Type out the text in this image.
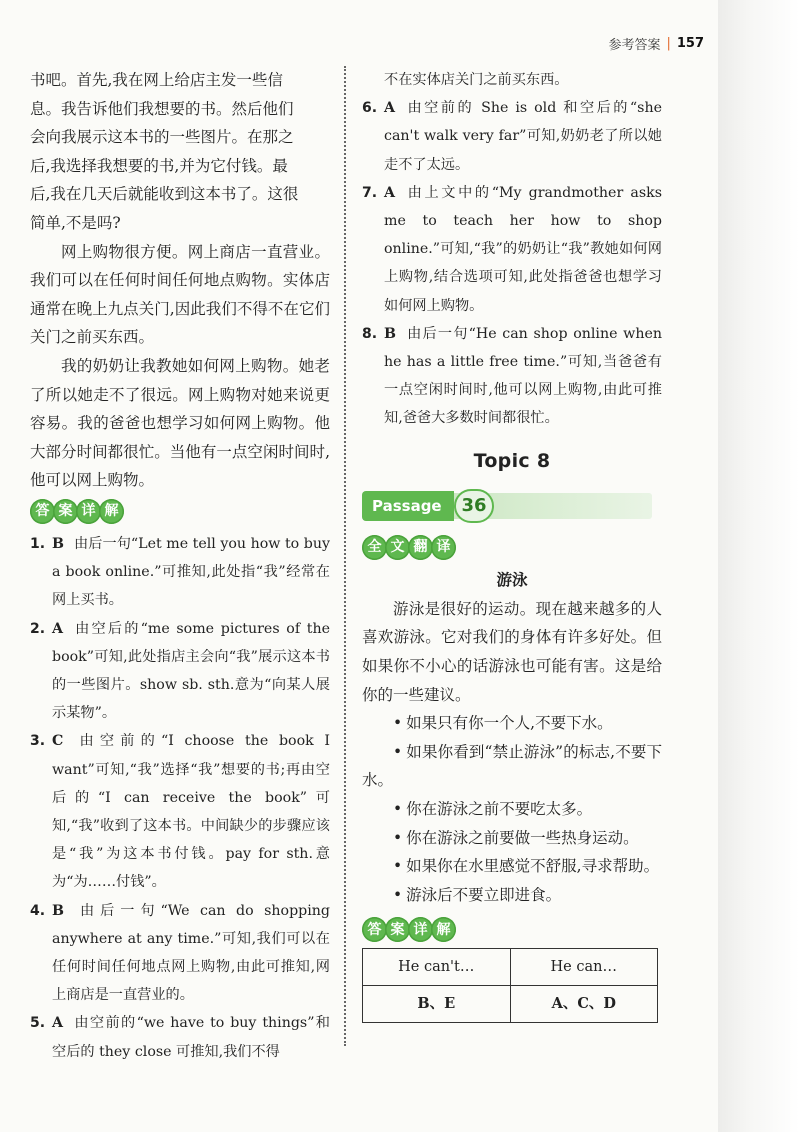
参考答案 | 157
书吧。首先,我在网上给店主发一些信
息。我告诉他们我想要的书。然后他们
会向我展示这本书的一些图片。在那之
后,我选择我想要的书,并为它付钱。最
后,我在几天后就能收到这本书了。这很
简单,不是吗?

网上购物很方便。网上商店一直营业。我们可以在任何时间任何地点购物。实体店通常在晚上九点关门,因此我们不得不在它们关门之前买东西。

我的奶奶让我教她如何网上购物。她老了所以她走不了很远。网上购物对她来说更容易。我的爸爸也想学习如何网上购物。他大部分时间都很忙。当他有一点空闲时间时,他可以网上购物。

答 案 详 解
1. B 由后一句“Let me tell you how to buy a book online.”可推知,此处指“我”经常在网上买书。
2. A 由空后的“me some pictures of the book”可知,此处指店主会向“我”展示这本书的一些图片。show sb. sth.意为“向某人展示某物”。
3. C 由空前的“I choose the book I want”可知,“我”选择“我”想要的书;再由空后的“I can receive the book”可知,“我”收到了这本书。中间缺少的步骤应该是“我”为这本书付钱。pay for sth.意为“为……付钱”。
4. B 由后一句“We can do shopping anywhere at any time.”可知,我们可以在任何时间任何地点网上购物,由此可推知,网上商店是一直营业的。
5. A 由空前的“we have to buy things”和空后的 they close 可推知,我们不得
不在实体店关门之前买东西。
6. A 由空前的 She is old 和空后的“she can't walk very far”可知,奶奶老了所以她走不了太远。
7. A 由上文中的“My grandmother asks me to teach her how to shop online.”可知,“我”的奶奶让“我”教她如何网上购物,结合选项可知,此处指爸爸也想学习如何网上购物。
8. B 由后一句“He can shop online when he has a little free time.”可知,当爸爸有一点空闲时间时,他可以网上购物,由此可推知,爸爸大多数时间都很忙。
Topic 8
Passage	36
全 文 翻 译
游泳

游泳是很好的运动。现在越来越多的人喜欢游泳。它对我们的身体有许多好处。但如果你不小心的话游泳也可能有害。这是给你的一些建议。

• 如果只有你一个人,不要下水。

• 如果你看到“禁止游泳”的标志,不要下水。

• 你在游泳之前不要吃太多。

• 你在游泳之前要做一些热身运动。

• 如果你在水里感觉不舒服,寻求帮助。

• 游泳后不要立即进食。

答 案 详 解
He can't…	He can…
B、E	A、C、D
